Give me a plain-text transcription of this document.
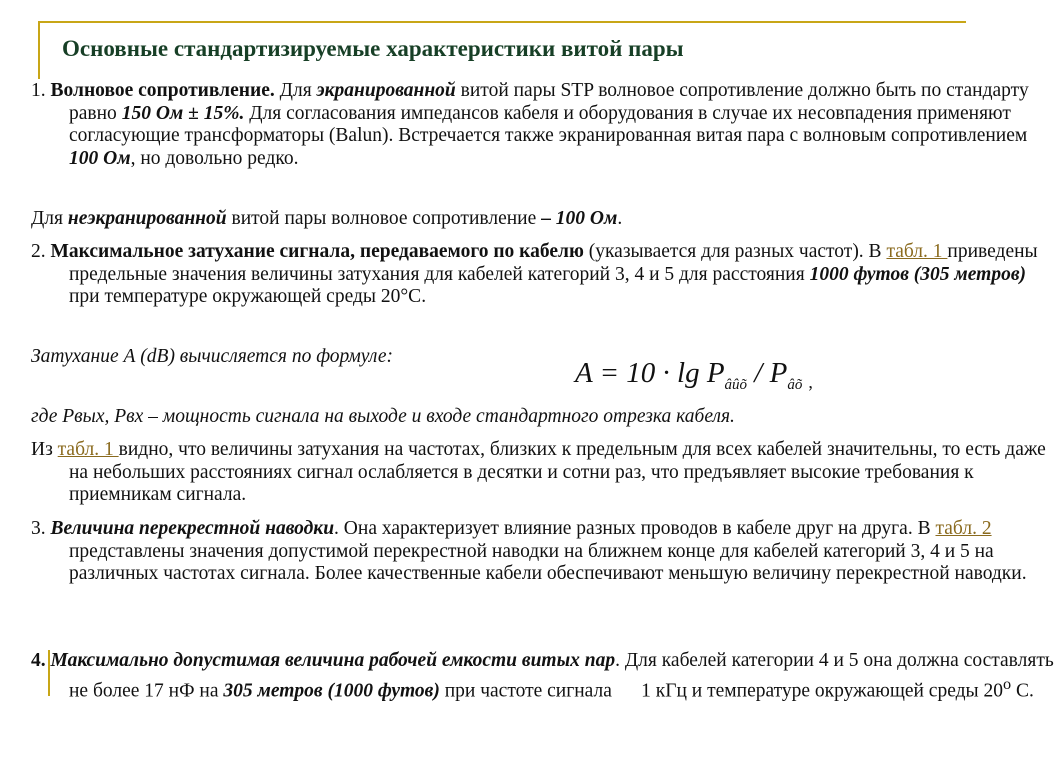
Основные стандартизируемые характеристики витой пары
1. Волновое сопротивление. Для экранированной витой пары STP волновое сопротивление должно быть по стандарту равно 150 Ом ± 15%. Для согласования импедансов кабеля и оборудования в случае их несовпадения применяют согласующие трансформаторы (Balun). Встречается также экранированная витая пара с волновым сопротивлением 100 Ом, но довольно редко.
Для неэкранированной витой пары волновое сопротивление – 100 Ом.
2. Максимальное затухание сигнала, передаваемого по кабелю (указывается для разных частот). В табл. 1 приведены предельные значения величины затухания для кабелей категорий 3, 4 и 5 для расстояния 1000 футов (305 метров) при температуре окружающей среды 20°С.
Затухание А (dB) вычисляется по формуле:
$A = 10 \cdot \lg P_{âûõ} / P_{âõ}$ $_,$
где Рвых, Рвх – мощность сигнала на выходе и входе стандартного отрезка кабеля.
Из табл. 1 видно, что величины затухания на частотах, близких к предельным для всех кабелей значительны, то есть даже на небольших расстояниях сигнал ослабляется в десятки и сотни раз, что предъявляет высокие требования к приемникам сигнала.
3. Величина перекрестной наводки. Она характеризует влияние разных проводов в кабеле друг на друга. В табл. 2 представлены значения допустимой перекрестной наводки на ближнем конце для кабелей категорий 3, 4 и 5 на различных частотах сигнала. Более качественные кабели обеспечивают меньшую величину перекрестной наводки.
4. Максимально допустимая величина рабочей емкости витых пар. Для кабелей категории 4 и 5 она должна составлять не более 17 нФ на 305 метров (1000 футов) при частоте сигнала      1 кГц и температуре окружающей среды $20^о$ С.
